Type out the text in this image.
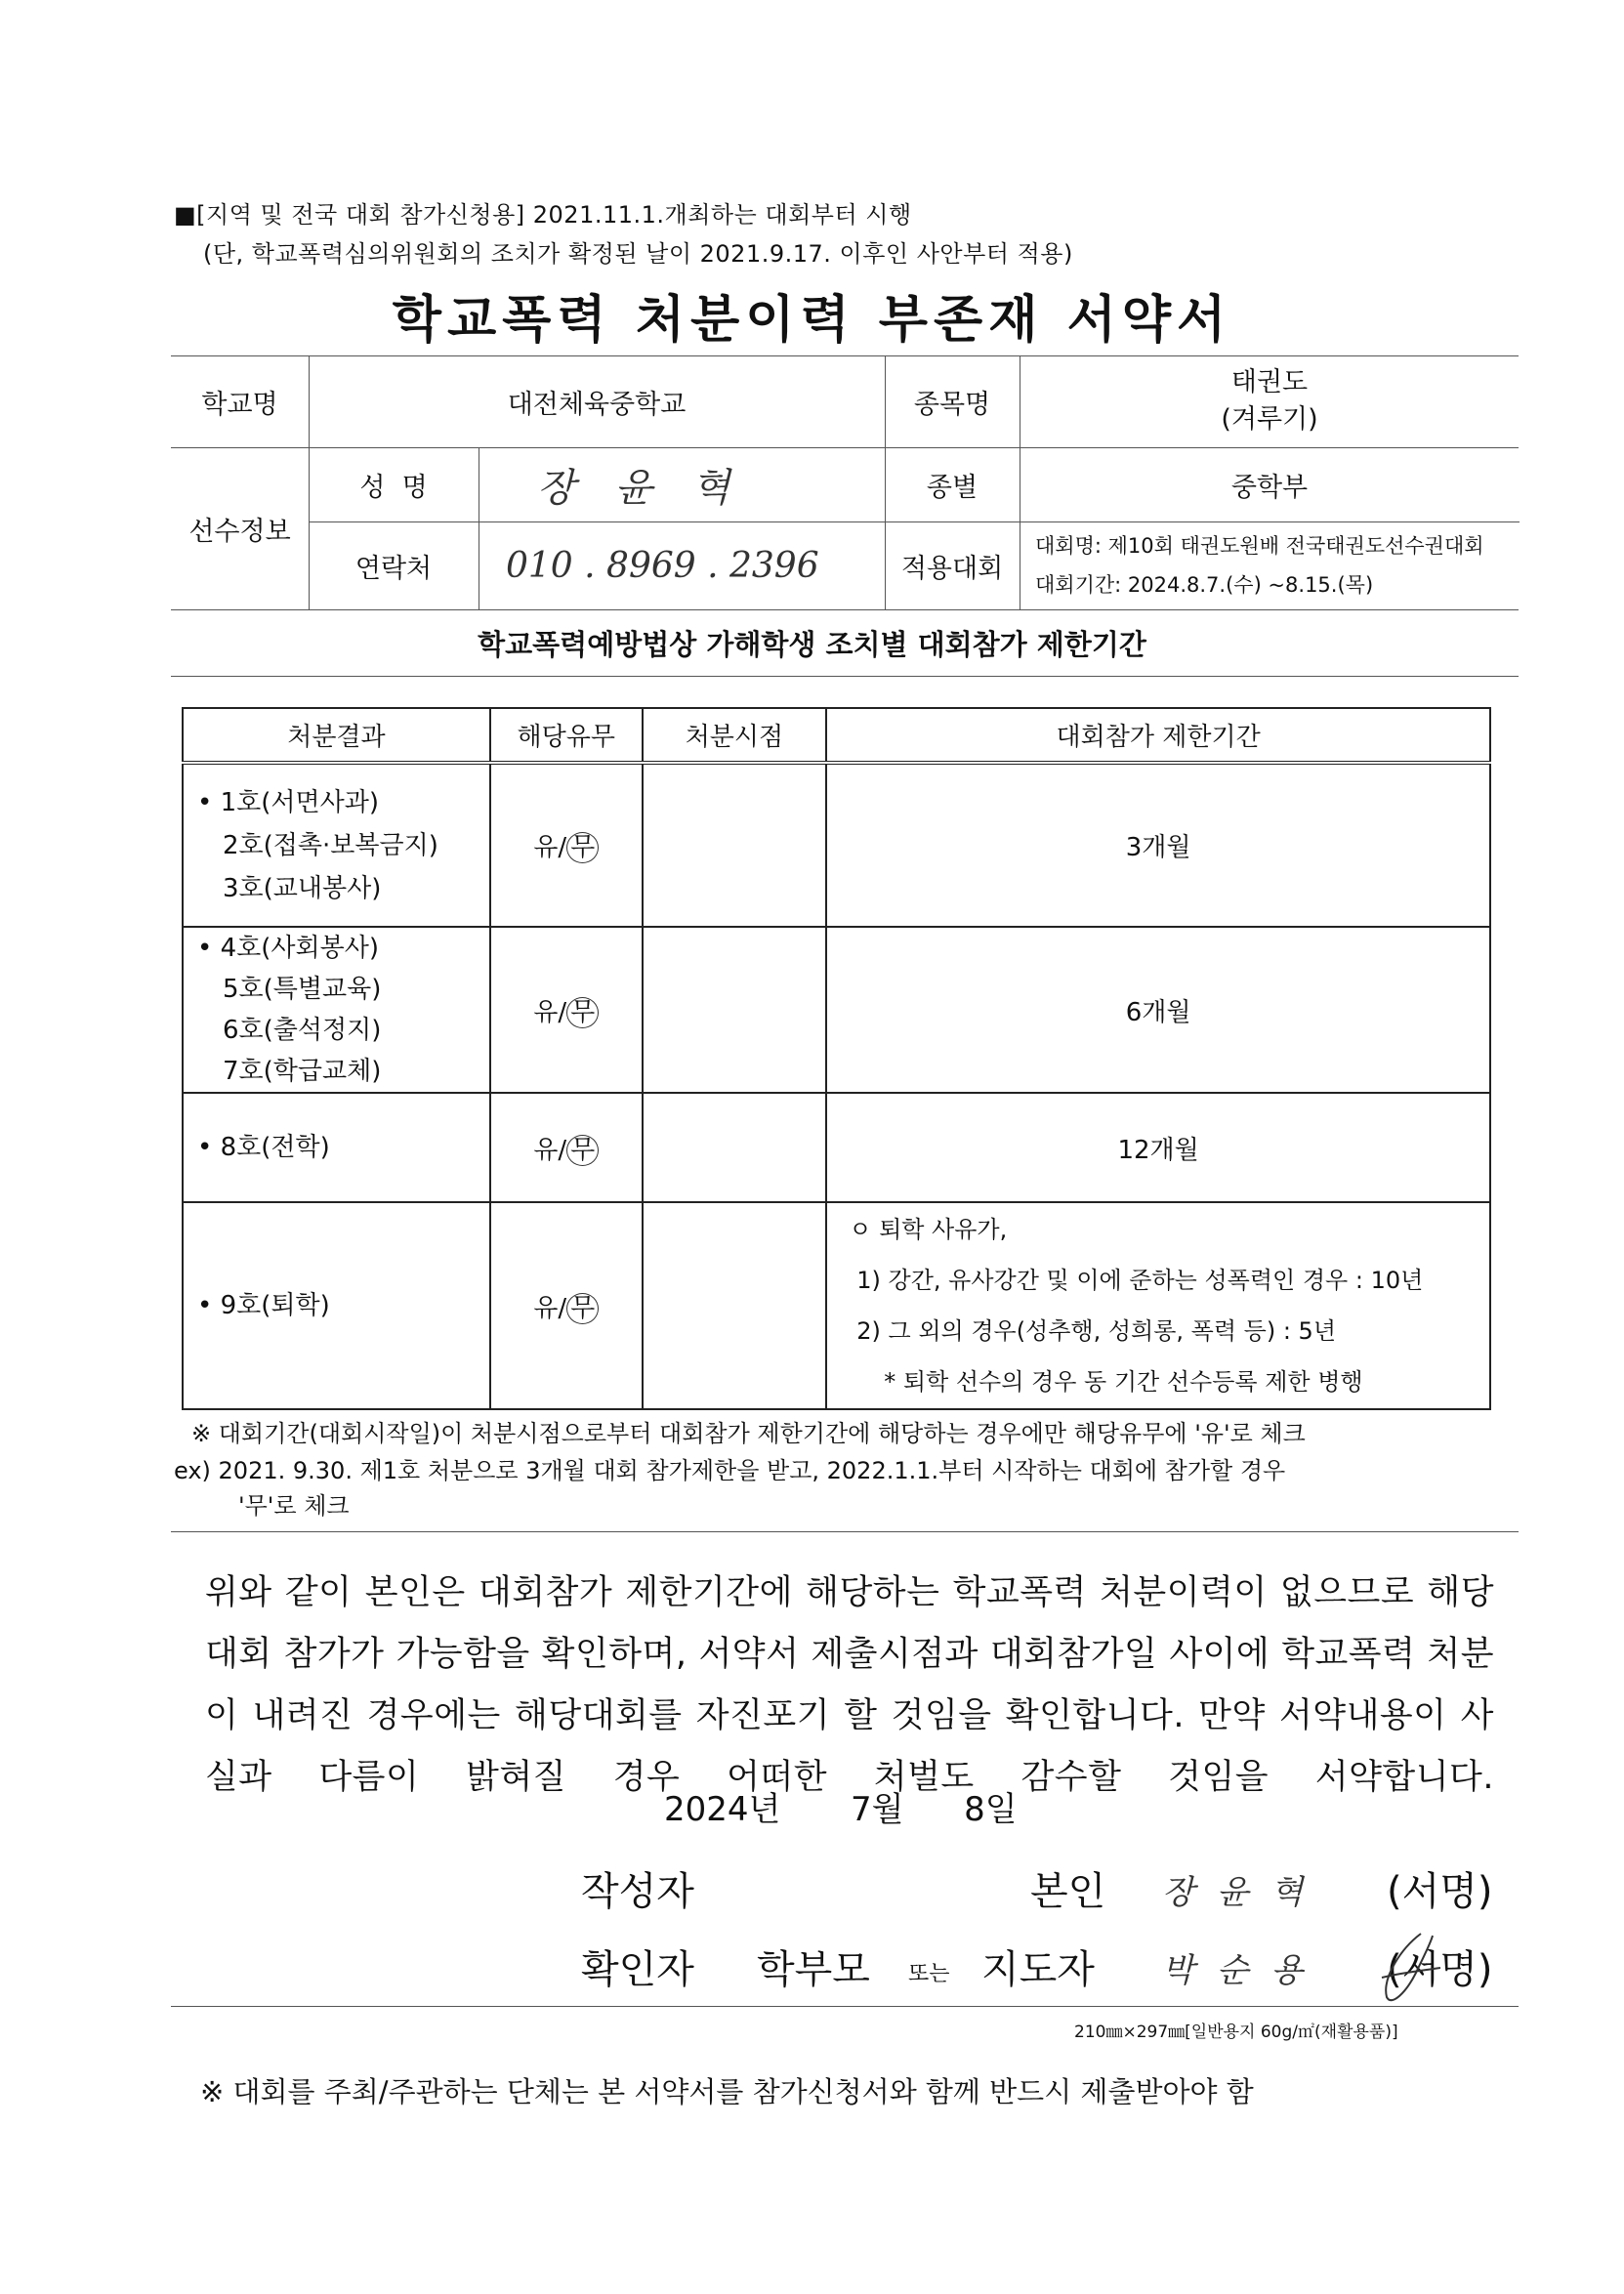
■[지역 및 전국 대회 참가신청용] 2021.11.1.개최하는 대회부터 시행
(단, 학교폭력심의위원회의 조치가 확정된 날이 2021.9.17. 이후인 사안부터 적용)
학교폭력 처분이력 부존재 서약서
학교명	대전체육중학교	종목명
태권도
(겨루기)
선수정보
성  명	장 윤 혁	종별	중학부
연락처	010 . 8969 . 2396	적용대회
대회명: 제10회 태권도원배 전국태권도선수권대회
대회기간: 2024.8.7.(수) ~8.15.(목)
학교폭력예방법상 가해학생 조치별 대회참가 제한기간
처분결과	해당유무	처분시점	대회참가 제한기간

• 1호(서면사과)
2호(접촉·보복금지)
3호(교내봉사)	유/ 무		3개월

• 4호(사회봉사)
5호(특별교육)
6호(출석정지)
7호(학급교체)	유/ 무		6개월

• 8호(전학)	유/ 무		12개월

• 9호(퇴학)	유/ 무		ㅇ 퇴학 사유가,
1) 강간, 유사강간 및 이에 준하는 성폭력인 경우 : 10년
2) 그 외의 경우(성추행, 성희롱, 폭력 등) : 5년
* 퇴학 선수의 경우 동 기간 선수등록 제한 병행
※ 대회기간(대회시작일)이 처분시점으로부터 대회참가 제한기간에 해당하는 경우에만 해당유무에 '유'로 체크
ex) 2021. 9.30. 제1호 처분으로 3개월 대회 참가제한을 받고, 2022.1.1.부터 시작하는 대회에 참가할 경우
'무'로 체크
위와 같이 본인은 대회참가 제한기간에 해당하는 학교폭력 처분이력이 없으므로 해당 대회 참가가 가능함을 확인하며, 서약서 제출시점과 대회참가일 사이에 학교폭력 처분이 내려진 경우에는 해당대회를 자진포기 할 것임을 확인합니다. 만약 서약내용이 사실과 다름이 밝혀질 경우 어떠한 처벌도 감수할 것임을 서약합니다.
2024년 7월 8일
작성자	본인 장 윤 혁 (서명)
확인자 학부모 또는 지도자 박 순 용 (서명)
210㎜×297㎜[일반용지 60g/㎡(재활용품)]
※ 대회를 주최/주관하는 단체는 본 서약서를 참가신청서와 함께 반드시 제출받아야 함
